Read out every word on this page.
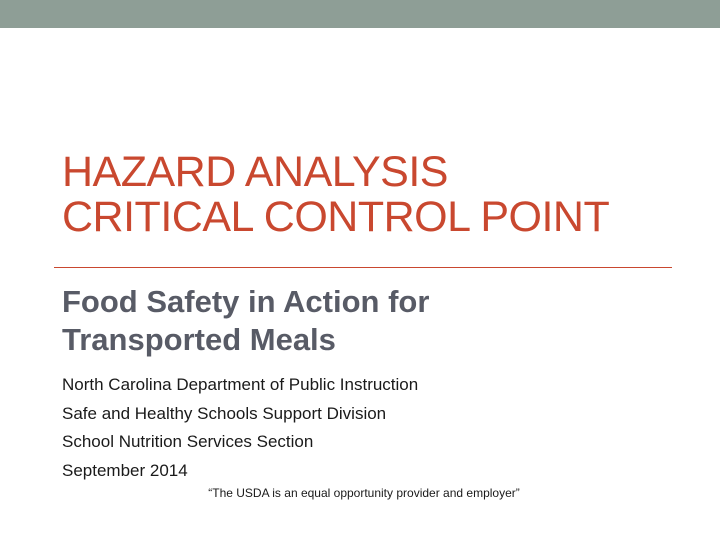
HAZARD ANALYSIS
CRITICAL CONTROL POINT
Food Safety in Action for
Transported Meals
North Carolina Department of Public Instruction
Safe and Healthy Schools Support Division
School Nutrition Services Section
September 2014
“The USDA is an equal opportunity provider and employer”
